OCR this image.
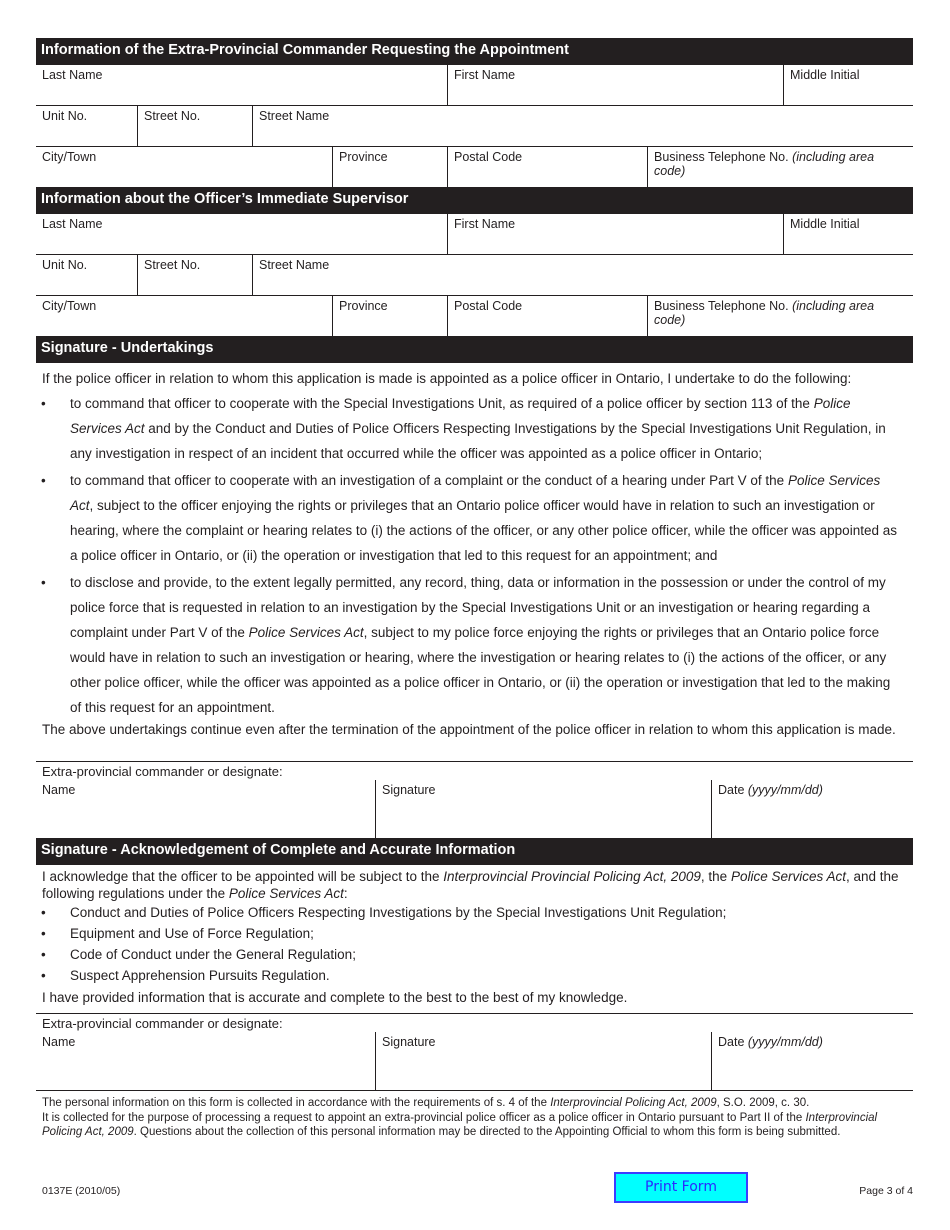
Information of the Extra-Provincial Commander Requesting the Appointment
Last Name	First Name	Middle Initial
Unit No.	Street No.	Street Name
City/Town	Province	Postal Code	Business Telephone No. (including area code)
Information about the Officer’s Immediate Supervisor
Last Name	First Name	Middle Initial
Unit No.	Street No.	Street Name
City/Town	Province	Postal Code	Business Telephone No. (including area code)
Signature - Undertakings

If the police officer in relation to whom this application is made is appointed as a police officer in Ontario, I undertake to do the following:

• to command that officer to cooperate with the Special Investigations Unit, as required of a police officer by section 113 of the Police Services Act and by the Conduct and Duties of Police Officers Respecting Investigations by the Special Investigations Unit Regulation, in any investigation in respect of an incident that occurred while the officer was appointed as a police officer in Ontario;
• to command that officer to cooperate with an investigation of a complaint or the conduct of a hearing under Part V of the Police Services Act, subject to the officer enjoying the rights or privileges that an Ontario police officer would have in relation to such an investigation or hearing, where the complaint or hearing relates to (i) the actions of the officer, or any other police officer, while the officer was appointed as a police officer in Ontario, or (ii) the operation or investigation that led to this request for an appointment; and
• to disclose and provide, to the extent legally permitted, any record, thing, data or information in the possession or under the control of my police force that is requested in relation to an investigation by the Special Investigations Unit or an investigation or hearing regarding a complaint under Part V of the Police Services Act, subject to my police force enjoying the rights or privileges that an Ontario police force would have in relation to such an investigation or hearing, where the investigation or hearing relates to (i) the actions of the officer, or any other police officer, while the officer was appointed as a police officer in Ontario, or (ii) the operation or investigation that led to the making of this request for an appointment.

The above undertakings continue even after the termination of the appointment of the police officer in relation to whom this application is made.

Extra-provincial commander or designate:
Name	Signature	Date (yyyy/mm/dd)
Signature - Acknowledgement of Complete and Accurate Information

I acknowledge that the officer to be appointed will be subject to the Interprovincial Provincial Policing Act, 2009, the Police Services Act, and the following regulations under the Police Services Act:

• Conduct and Duties of Police Officers Respecting Investigations by the Special Investigations Unit Regulation;
• Equipment and Use of Force Regulation;
• Code of Conduct under the General Regulation;
• Suspect Apprehension Pursuits Regulation.

I have provided information that is accurate and complete to the best to the best of my knowledge.

Extra-provincial commander or designate:
Name	Signature	Date (yyyy/mm/dd)
The personal information on this form is collected in accordance with the requirements of s. 4 of the Interprovincial Policing Act, 2009, S.O. 2009, c. 30.
It is collected for the purpose of processing a request to appoint an extra-provincial police officer as a police officer in Ontario pursuant to Part II of the Interprovincial Policing Act, 2009. Questions about the collection of this personal information may be directed to the Appointing Official to whom this form is being submitted.
0137E (2010/05)	Print Form	Page 3 of 4
